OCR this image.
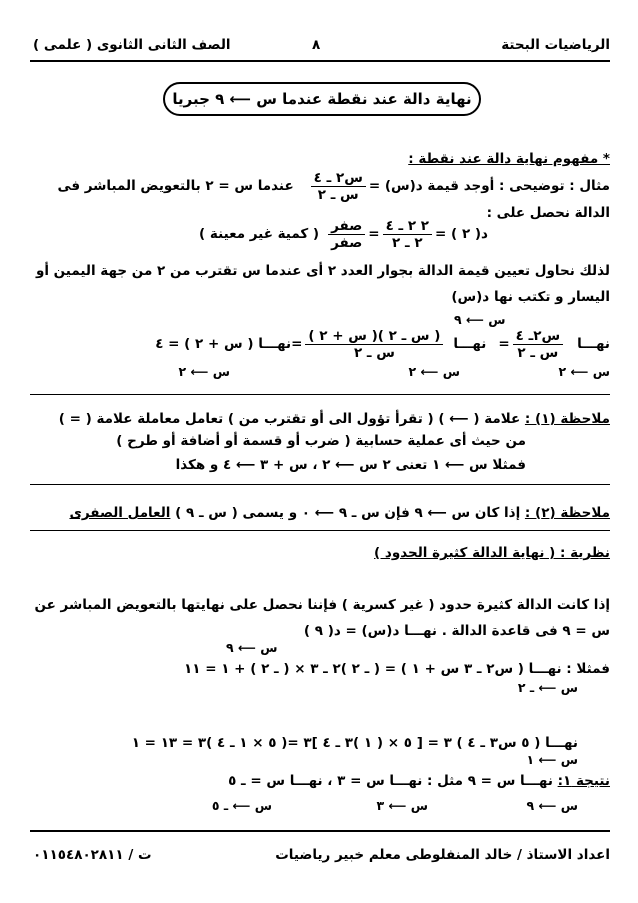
الرياضيات البحتة
٨
الصف الثانى الثانوى ( علمى )
نهاية دالة عند نقطة عندما س ⟵ ٩ جبريا
* مفهوم نهاية دالة عند نقطة :
مثال : توضيحى : أوجد قيمة د(س) =
$\frac{\text{س٢ ـ ٤}}{\text{س ـ ٢}}$
عندما س = ٢ بالتعويض المباشر فى
الدالة نحصل على :
د( ٢ ) =
$\frac{\text{٢ ٢ ـ ٤}}{\text{٢ ـ ٢}}$
=
$\frac{\text{صفر}}{\text{صفر}}$
( كمية غير معينة )
لذلك نحاول تعيين قيمة الدالة بجوار العدد ٢ أى عندما س تقترب من ٢ من جهة اليمين أو
اليسار و تكتب نها د(س)
س ⟵ ٩
نهـــا
$\frac{\text{س٢ـ ٤}}{\text{س ـ ٢}}$
=
نهـــا
$\frac{\text{( س ـ ٢ )( س + ٢ )}}{\text{س ـ ٢}}$
=نهـــا ( س + ٢ ) = ٤
س ⟵ ٢
س ⟵ ٢
س ⟵ ٢
ملاحظة (١) : علامة ( ⟵ ) ( تقرأ تؤول الى أو تقترب من ) تعامل معاملة علامة ( = )
من حيث أى عملية حسابية ( ضرب أو قسمة أو أضافة أو طرح )
فمثلا س ⟵ ١ تعنى ٢ س ⟵ ٢ ، س + ٣ ⟵ ٤ و هكذا
ملاحظة (٢) : إذا كان س ⟵ ٩ فإن س ـ ٩ ⟵ ٠ و يسمى ( س ـ ٩ ) العامل الصفرى
نظرية : ( نهاية الدالة كثيرة الحدود )
إذا كانت الدالة كثيرة حدود ( غير كسرية ) فإننا نحصل على نهايتها بالتعويض المباشر عن
س = ٩ فى قاعدة الدالة . نهـــا د(س) = د( ٩ )
س ⟵ ٩
فمثلا : نهـــا ( س٢ ـ ٣ س + ١ ) = ( ـ ٢ )٢ ـ ٣ × ( ـ ٢ ) + ١ = ١١
س ⟵ ـ ٢
نهـــا ( ٥ س٣ ـ ٤ ) ٣ = [ ٥ × ( ١ )٣ ـ ٤ ]٣ =( ٥ × ١ ـ ٤ )٣ = ١٣ = ١
س ⟵ ١
نتيجة ١: نهـــا س = ٩ مثل : نهـــا س = ٣ ، نهـــا س = ـ ٥
س ⟵ ٩
س ⟵ ٣
س ⟵ ـ ٥
اعداد الاستاذ / خالد المنفلوطى معلم خبير رياضيات
ت / ٠١١٥٤٨٠٢٨١١
